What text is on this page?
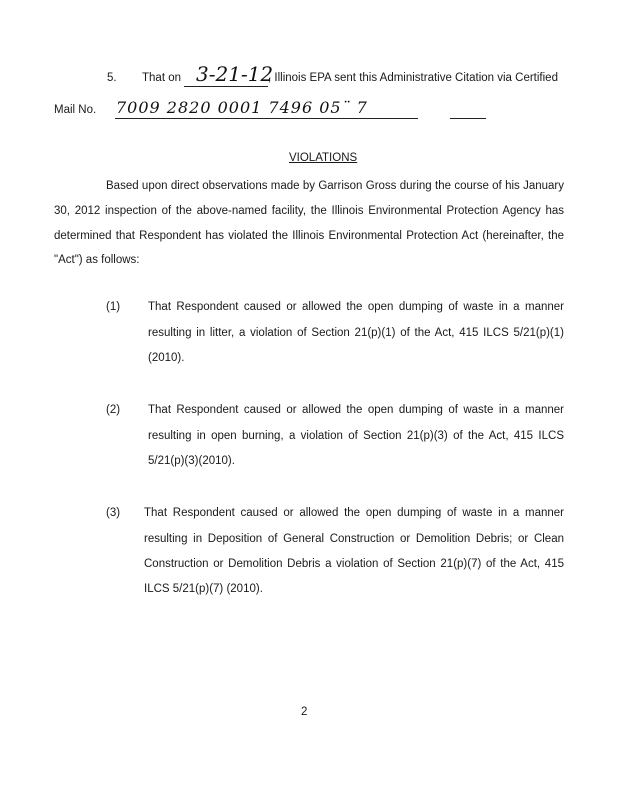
5. That on 3-21-12
, Illinois EPA sent this Administrative Citation via Certified
Mail No. 7009 2820 0001 7496 05¨ 7
VIOLATIONS
Based upon direct observations made by Garrison Gross during the course of his January
30, 2012 inspection of the above-named facility, the Illinois Environmental Protection Agency has
determined that Respondent has violated the Illinois Environmental Protection Act (hereinafter, the
"Act") as follows:
(1) That Respondent caused or allowed the open dumping of waste in a manner
resulting in litter, a violation of Section 21(p)(1) of the Act, 415 ILCS 5/21(p)(1)
(2010).
(2) That Respondent caused or allowed the open dumping of waste in a manner
resulting in open burning, a violation of Section 21(p)(3) of the Act, 415 ILCS
5/21(p)(3)(2010).
(3) That Respondent caused or allowed the open dumping of waste in a manner
resulting in Deposition of General Construction or Demolition Debris; or Clean
Construction or Demolition Debris a violation of Section 21(p)(7) of the Act, 415
ILCS 5/21(p)(7) (2010).
2
